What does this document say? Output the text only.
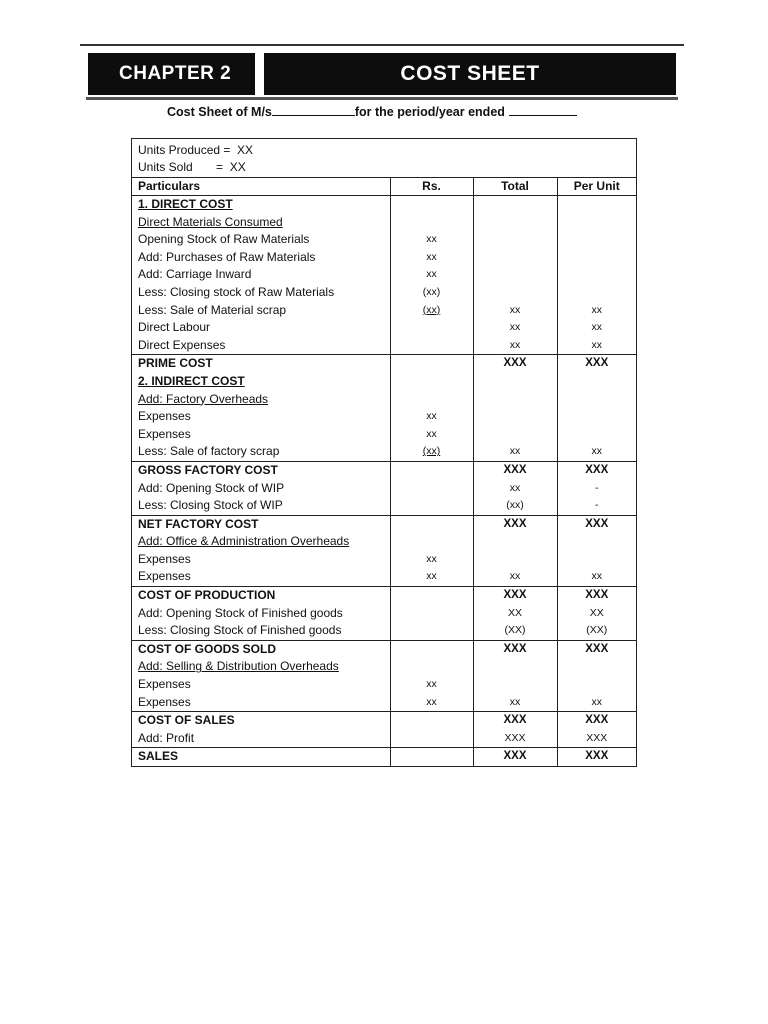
CHAPTER 2	COST SHEET
Cost Sheet of M/s	for the period/year ended
Units Produced =  XX
Units Sold       =  XX
Particulars	Rs.	Total	Per Unit
1. DIRECT COST			
Direct Materials Consumed			
Opening Stock of Raw Materials	xx		
Add: Purchases of Raw Materials	xx		
Add: Carriage Inward	xx		
Less: Closing stock of Raw Materials	(xx)		
Less: Sale of Material scrap	(xx)	xx	xx
Direct Labour		xx	xx
Direct Expenses		xx	xx
PRIME COST		XXX	XXX
2. INDIRECT COST			
Add: Factory Overheads			
Expenses	xx		
Expenses	xx		
Less: Sale of factory scrap	(xx)	xx	xx
GROSS FACTORY COST		XXX	XXX
Add: Opening Stock of WIP		xx	-
Less: Closing Stock of WIP		(xx)	-
NET FACTORY COST		XXX	XXX
Add: Office & Administration Overheads			
Expenses	xx		
Expenses	xx	xx	xx
COST OF PRODUCTION		XXX	XXX
Add: Opening Stock of Finished goods		XX	XX
Less: Closing Stock of Finished goods		(XX)	(XX)
COST OF GOODS SOLD		XXX	XXX
Add: Selling & Distribution Overheads			
Expenses	xx		
Expenses	xx	xx	xx
COST OF SALES		XXX	XXX
Add: Profit		XXX	XXX
SALES		XXX	XXX
